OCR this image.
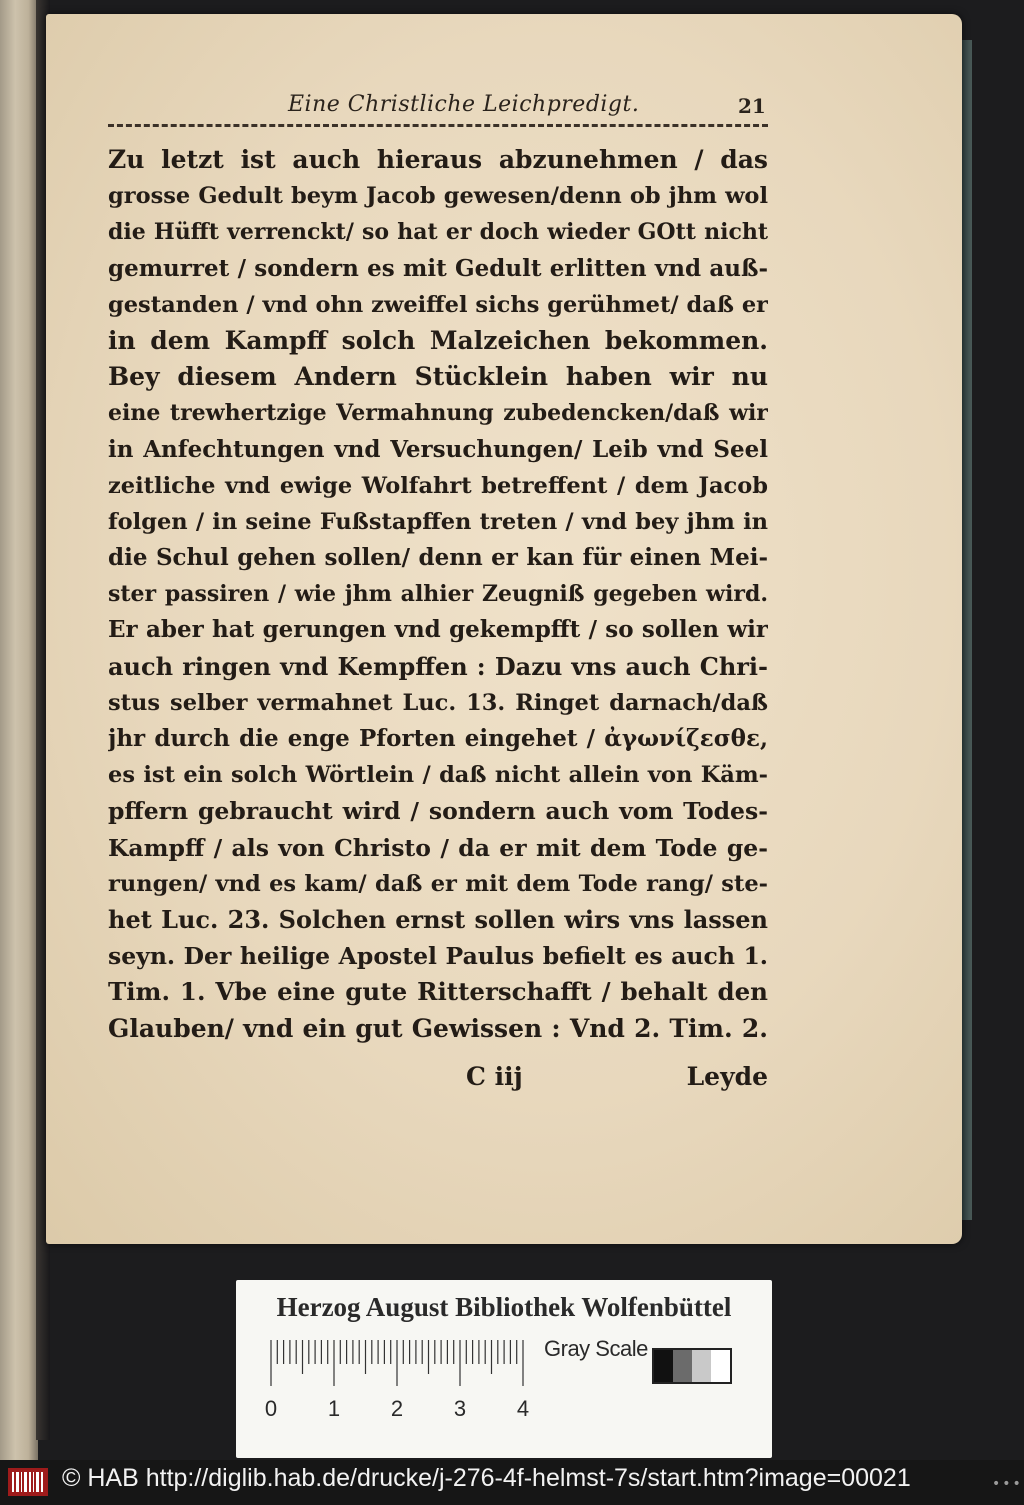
Eine Christliche Leichpredigt.	21
Zu letzt ist auch hieraus abzunehmen / das
grosse Gedult beym Jacob gewesen/denn ob jhm wol
die Hüfft verrenckt/ so hat er doch wieder GOtt nicht
gemurret / sondern es mit Gedult erlitten vnd auß-
gestanden / vnd ohn zweiffel sichs gerühmet/ daß er
in dem Kampff solch Malzeichen bekommen.
Bey diesem Andern Stücklein haben wir nu
eine trewhertzige Vermahnung zubedencken/daß wir
in Anfechtungen vnd Versuchungen/ Leib vnd Seel
zeitliche vnd ewige Wolfahrt betreffent / dem Jacob
folgen / in seine Fußstapffen treten / vnd bey jhm in
die Schul gehen sollen/ denn er kan für einen Mei-
ster passiren / wie jhm alhier Zeugniß gegeben wird.
Er aber hat gerungen vnd gekempfft / so sollen wir
auch ringen vnd Kempffen : Dazu vns auch Chri-
stus selber vermahnet Luc. 13. Ringet darnach/daß
jhr durch die enge Pforten eingehet / ἀγωνίζεσθε,
es ist ein solch Wörtlein / daß nicht allein von Käm-
pffern gebraucht wird / sondern auch vom Todes-
Kampff / als von Christo / da er mit dem Tode ge-
rungen/ vnd es kam/ daß er mit dem Tode rang/ ste-
het Luc. 23. Solchen ernst sollen wirs vns lassen
seyn. Der heilige Apostel Paulus befielt es auch 1.
Tim. 1. Vbe eine gute Ritterschafft / behalt den
Glauben/ vnd ein gut Gewissen : Vnd 2. Tim. 2.
C iij	Leyde
Herzog August Bibliothek Wolfenbüttel
0 1 2 3 4
Gray Scale
© HAB http://diglib.hab.de/drucke/j-276-4f-helmst-7s/start.htm?image=00021	•••
